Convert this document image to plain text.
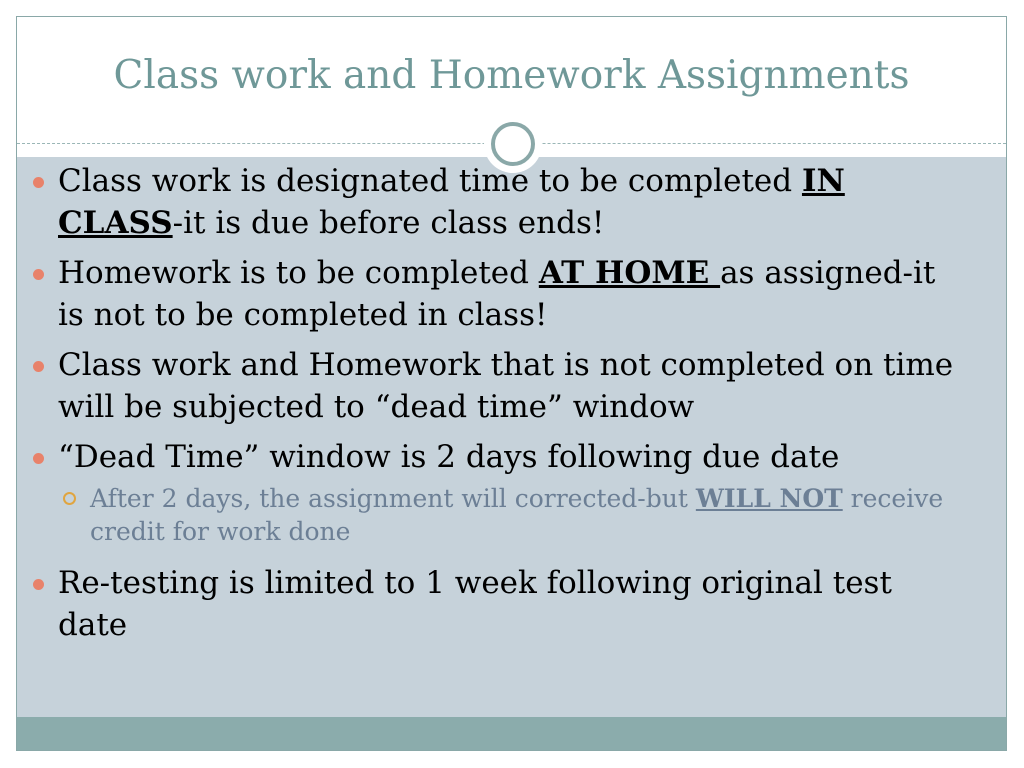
Class work and Homework Assignments
Class work is designated time to be completed IN CLASS-it is due before class ends!
Homework is to be completed AT HOME as assigned-it is not to be completed in class!
Class work and Homework that is not completed on time will be subjected to “dead time” window
“Dead Time” window is 2 days following due date
After 2 days, the assignment will corrected-but WILL NOT receive credit for work done
Re-testing is limited to 1 week following original test date
